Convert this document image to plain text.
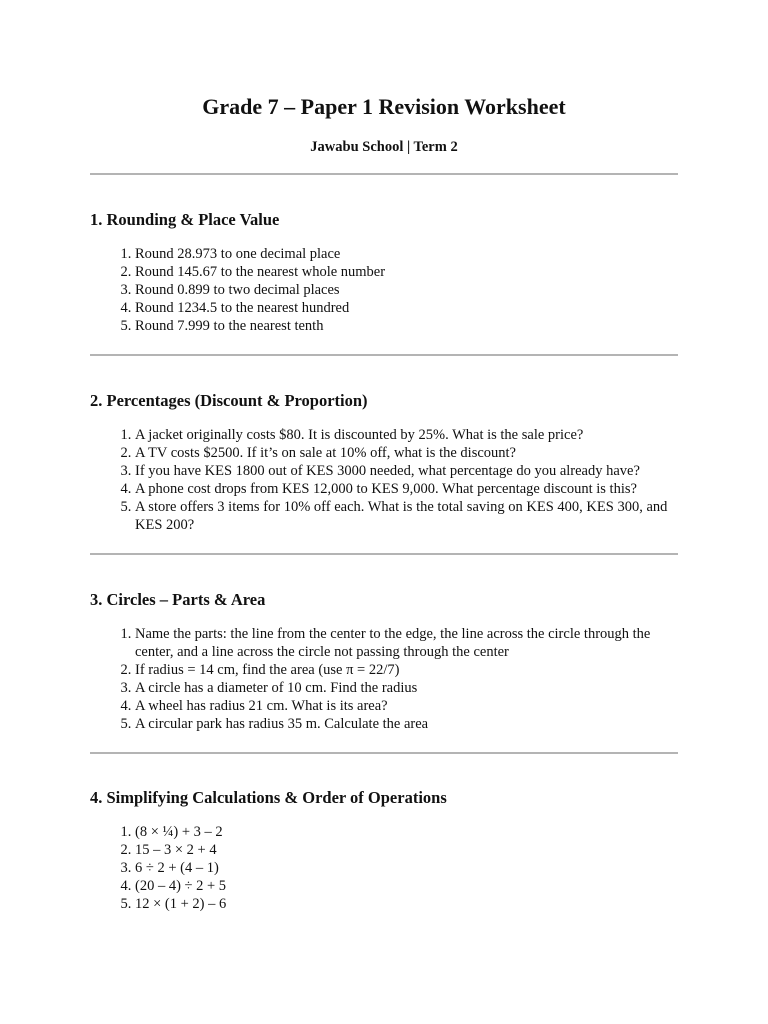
Grade 7 – Paper 1 Revision Worksheet

Jawabu School | Term 2

1. Rounding & Place Value
1. Round 28.973 to one decimal place
2. Round 145.67 to the nearest whole number
3. Round 0.899 to two decimal places
4. Round 1234.5 to the nearest hundred
5. Round 7.999 to the nearest tenth
2. Percentages (Discount & Proportion)
1. A jacket originally costs $80. It is discounted by 25%. What is the sale price?
2. A TV costs $2500. If it’s on sale at 10% off, what is the discount?
3. If you have KES 1800 out of KES 3000 needed, what percentage do you already have?
4. A phone cost drops from KES 12,000 to KES 9,000. What percentage discount is this?
5. A store offers 3 items for 10% off each. What is the total saving on KES 400, KES 300, and KES 200?
3. Circles – Parts & Area
1. Name the parts: the line from the center to the edge, the line across the circle through the center, and a line across the circle not passing through the center
2. If radius = 14 cm, find the area (use π = 22/7)
3. A circle has a diameter of 10 cm. Find the radius
4. A wheel has radius 21 cm. What is its area?
5. A circular park has radius 35 m. Calculate the area
4. Simplifying Calculations & Order of Operations
1. (8 × ¼) + 3 – 2
2. 15 – 3 × 2 + 4
3. 6 ÷ 2 + (4 – 1)
4. (20 – 4) ÷ 2 + 5
5. 12 × (1 + 2) – 6
